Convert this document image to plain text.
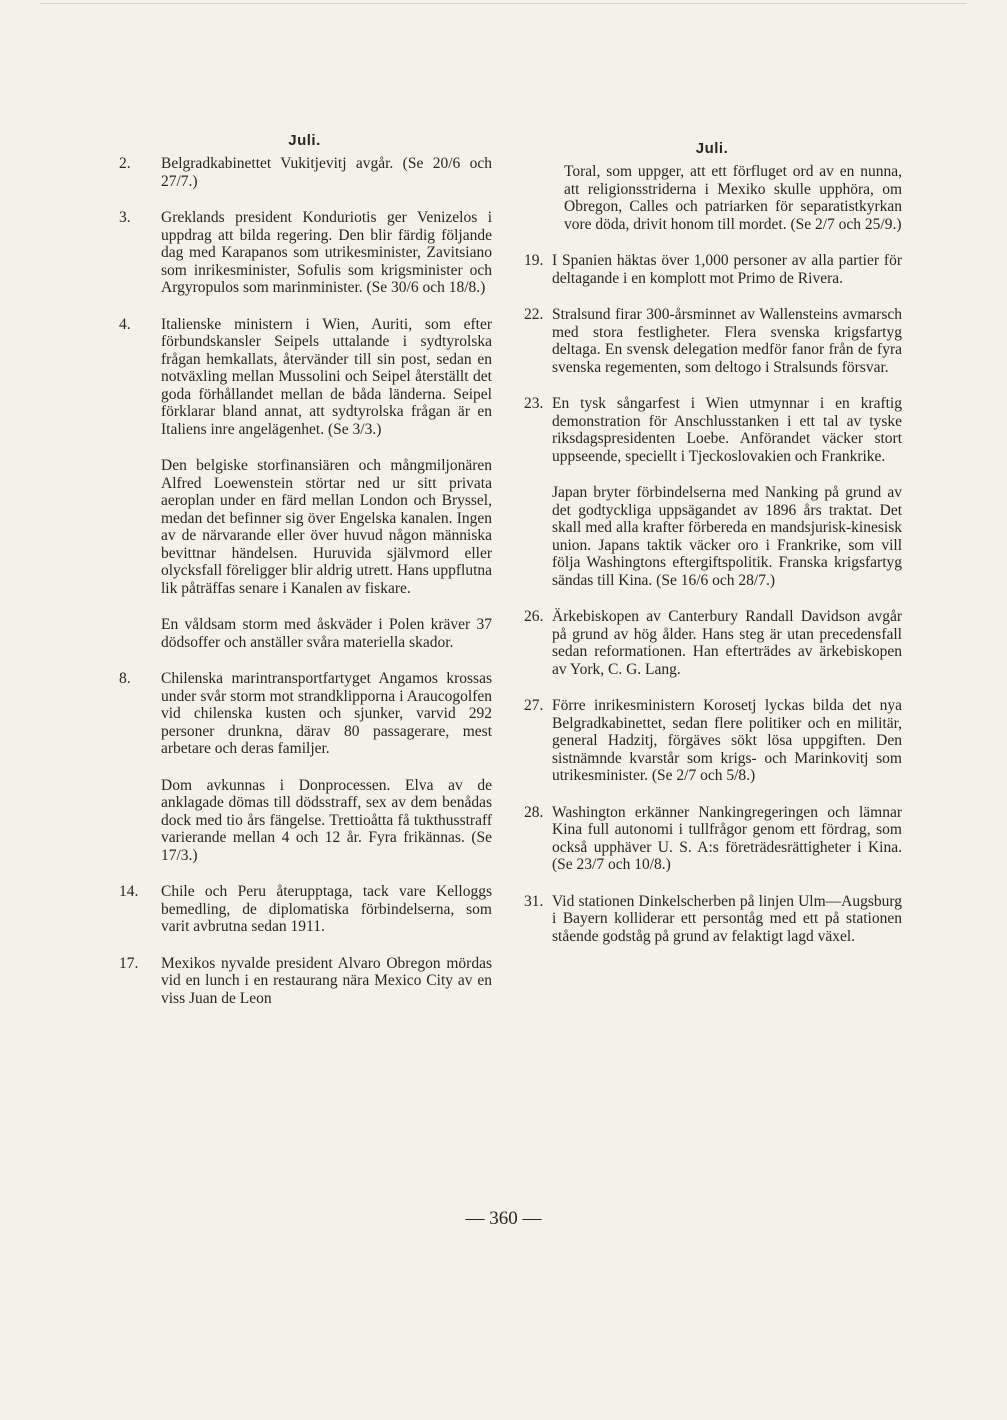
Juli.
2.	Belgradkabinettet Vukitjevitj avgår. (Se 20/6 och 27/7.)

3.	Greklands president Konduriotis ger Venizelos i uppdrag att bilda regering. Den blir färdig följande dag med Karapanos som utrikesminister, Zavitsiano som inrikesminister, Sofulis som krigsminister och Argyropulos som marinminister. (Se 30/6 och 18/8.)

4.	Italienske ministern i Wien, Auriti, som efter förbundskansler Seipels uttalande i sydtyrolska frågan hemkallats, återvänder till sin post, sedan en notväxling mellan Mussolini och Seipel återställt det goda förhållandet mellan de båda länderna. Seipel förklarar bland annat, att sydtyrolska frågan är en Italiens inre angelägenhet. (Se 3/3.)

Den belgiske storfinansiären och mångmiljonären Alfred Loewenstein störtar ned ur sitt privata aeroplan under en färd mellan London och Bryssel, medan det befinner sig över Engelska kanalen. Ingen av de närvarande eller över huvud någon människa bevittnar händelsen. Huruvida självmord eller olycksfall föreligger blir aldrig utrett. Hans uppflutna lik påträffas senare i Kanalen av fiskare.

En våldsam storm med åskväder i Polen kräver 37 dödsoffer och anställer svåra materiella skador.

8.	Chilenska marintransportfartyget Angamos krossas under svår storm mot strandklipporna i Araucogolfen vid chilenska kusten och sjunker, varvid 292 personer drunkna, därav 80 passagerare, mest arbetare och deras familjer.

Dom avkunnas i Donprocessen. Elva av de anklagade dömas till dödsstraff, sex av dem benådas dock med tio års fängelse. Trettioåtta få tukthusstraff varierande mellan 4 och 12 år. Fyra frikännas. (Se 17/3.)

14.	Chile och Peru återupptaga, tack vare Kelloggs bemedling, de diplomatiska förbindelserna, som varit avbrutna sedan 1911.

17.	Mexikos nyvalde president Alvaro Obregon mördas vid en lunch i en restaurang nära Mexico City av en viss Juan de Leon

Juli.
Toral, som uppger, att ett förfluget ord av en nunna, att religionsstriderna i Mexiko skulle upphöra, om Obregon, Calles och patriarken för separatistkyrkan vore döda, drivit honom till mordet. (Se 2/7 och 25/9.)
19. I Spanien häktas över 1,000 personer av alla partier för deltagande i en komplott mot Primo de Rivera.

22. Stralsund firar 300-årsminnet av Wallensteins avmarsch med stora festligheter. Flera svenska krigsfartyg deltaga. En svensk delegation medför fanor från de fyra svenska regementen, som deltogo i Stralsunds försvar.

23. En tysk sångarfest i Wien utmynnar i en kraftig demonstration för Anschlusstanken i ett tal av tyske riksdagspresidenten Loebe. Anförandet väcker stort uppseende, speciellt i Tjeckoslovakien och Frankrike.

Japan bryter förbindelserna med Nanking på grund av det godtyckliga uppsägandet av 1896 års traktat. Det skall med alla krafter förbereda en mandsjurisk-kinesisk union. Japans taktik väcker oro i Frankrike, som vill följa Washingtons eftergiftspolitik. Franska krigsfartyg sändas till Kina. (Se 16/6 och 28/7.)

26. Ärkebiskopen av Canterbury Randall Davidson avgår på grund av hög ålder. Hans steg är utan precedensfall sedan reformationen. Han efterträdes av ärkebiskopen av York, C. G. Lang.

27. Förre inrikesministern Korosetj lyckas bilda det nya Belgradkabinettet, sedan flere politiker och en militär, general Hadzitj, förgäves sökt lösa uppgiften. Den sistnämnde kvarstår som krigs- och Marinkovitj som utrikesminister. (Se 2/7 och 5/8.)

28. Washington erkänner Nankingregeringen och lämnar Kina full autonomi i tullfrågor genom ett fördrag, som också upphäver U. S. A:s företrädesrättigheter i Kina. (Se 23/7 och 10/8.)

31. Vid stationen Dinkelscherben på linjen Ulm—Augsburg i Bayern kolliderar ett persontåg med ett på stationen stående godståg på grund av felaktigt lagd växel.

— 360 —
